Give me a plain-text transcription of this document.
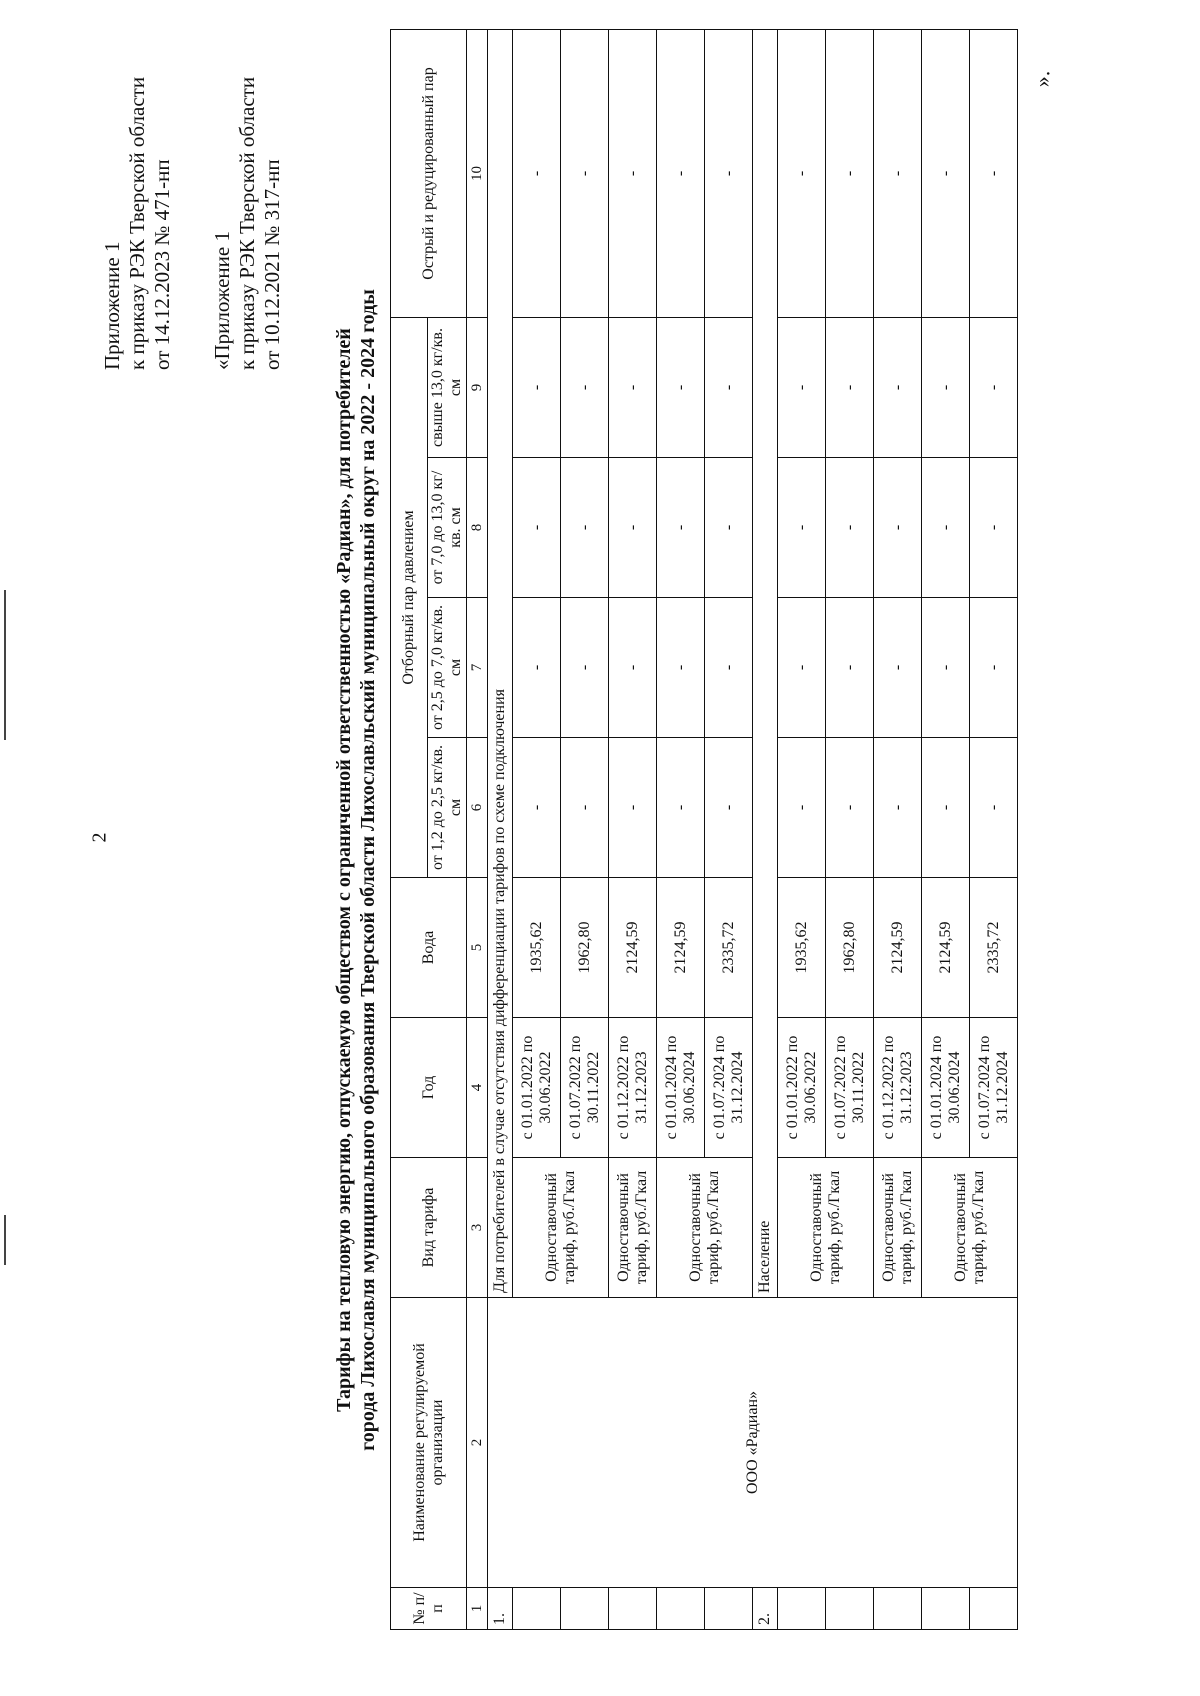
2
».
Приложение 1 к приказу РЭК Тверской области от 14.12.2023 № 471-нп «Приложение 1 к приказу РЭК Тверской области от 10.12.2021 № 317-нп
Тарифы на тепловую энергию, отпускаемую обществом с ограниченной ответственностью «Радиан», для потребителей города Лихославля муниципального образования Тверской области Лихославльский муниципальный округ на 2022 - 2024 годы
№ п/п	Наименование регулируемой организации	Вид тарифа	Год	Вода	Отборный пар давлением				Острый и редуцированный пар
					от 1,2 до 2,5 кг/кв. см	от 2,5 до 7,0 кг/кв. см	от 7,0 до 13,0 кг/кв. см	свыше 13,0 кг/кв. см	
1	2	3	4	5	6	7	8	9	10
1.	ООО «Радиан»	Для потребителей в случае отсутствия дифференциации тарифов по схеме подключения							
		Одноставочный тариф, руб./Гкал	с 01.01.2022 по 30.06.2022	1935,62	-	-	-	-	-
			с 01.07.2022 по 30.11.2022	1962,80	-	-	-	-	-
		Одноставочный тариф, руб./Гкал	с 01.12.2022 по 31.12.2023	2124,59	-	-	-	-	-
		Одноставочный тариф, руб./Гкал	с 01.01.2024 по 30.06.2024	2124,59	-	-	-	-	-
			с 01.07.2024 по 31.12.2024	2335,72	-	-	-	-	-
2.		Население							
		Одноставочный тариф, руб./Гкал	с 01.01.2022 по 30.06.2022	1935,62	-	-	-	-	-
			с 01.07.2022 по 30.11.2022	1962,80	-	-	-	-	-
		Одноставочный тариф, руб./Гкал	с 01.12.2022 по 31.12.2023	2124,59	-	-	-	-	-
		Одноставочный тариф, руб./Гкал	с 01.01.2024 по 30.06.2024	2124,59	-	-	-	-	-
			с 01.07.2024 по 31.12.2024	2335,72	-	-	-	-	-
